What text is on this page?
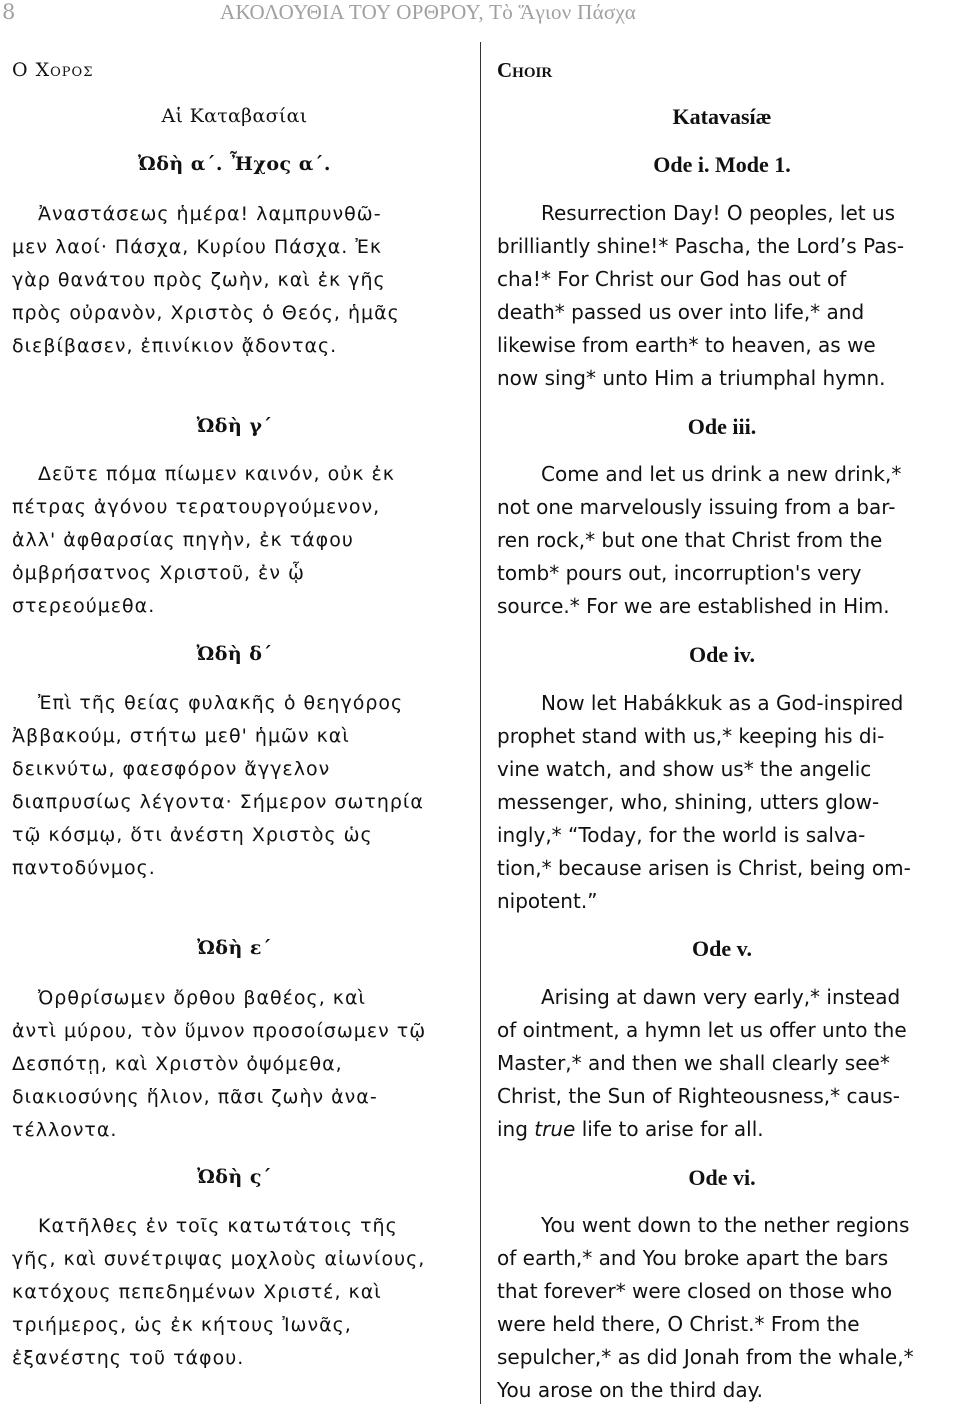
8	ΑΚΟΛΟΥΘΙΑ ΤΟΥ ΟΡΘΡΟΥ, Τὸ Ἅγιον Πάσχα
Ο Χορος
Αἱ Καταβασίαι
Ὠδὴ α΄. Ἦχος α΄.
Ἀναστάσεως ἡμέρα! λαμπρυνθῶ-
μεν λαοί· Πάσχα, Κυρίου Πάσχα. Ἐκ
γὰρ θανάτου πρὸς ζωὴν, καὶ ἐκ γῆς
πρὸς οὐρανὸν, Χριστὸς ὁ Θεός, ἡμᾶς
διεβίβασεν, ἐπινίκιον ᾄδοντας.
Ὠδὴ γ΄
Δεῦτε πόμα πίωμεν καινόν, οὐκ ἐκ
πέτρας ἀγόνου τερατουργούμενον,
ἀλλ' ἀφθαρσίας πηγὴν, ἐκ τάφου
ὀμβρήσατνος Χριστοῦ, ἐν ᾧ
στερεούμεθα.
Ὠδὴ δ΄
Ἐπὶ τῆς θείας φυλακῆς ὁ θεηγόρος
Ἀββακούμ, στήτω μεθ' ἡμῶν καὶ
δεικνύτω, φαεσφόρον ἄγγελον
διαπρυσίως λέγοντα· Σήμερον σωτηρία
τῷ κόσμῳ, ὅτι ἀνέστη Χριστὸς ὡς
παντοδύνμος.
Ὠδὴ ε΄
Ὀρθρίσωμεν ὄρθου βαθέος, καὶ
ἀντὶ μύρου, τὸν ὕμνον προσοίσωμεν τῷ
Δεσπότῃ, καὶ Χριστὸν ὀψόμεθα,
διακιοσύνης ἥλιον, πᾶσι ζωὴν ἀνα-
τέλλοντα.
Ὠδὴ ς΄
Κατῆλθες ἐν τοῖς κατωτάτοις τῆς
γῆς, καὶ συνέτριψας μοχλοὺς αἰωνίους,
κατόχους πεπεδημένων Χριστέ, καὶ
τριήμερος, ὡς ἐκ κήτους Ἰωνᾶς,
ἐξανέστης τοῦ τάφου.
Choir
Katavasíæ
Ode i. Mode 1.
Resurrection Day! O peoples, let us
brilliantly shine!* Pascha, the Lord’s Pas-
cha!* For Christ our God has out of
death* passed us over into life,* and
likewise from earth* to heaven, as we
now sing* unto Him a triumphal hymn.
Ode iii.
Come and let us drink a new drink,*
not one marvelously issuing from a bar-
ren rock,* but one that Christ from the
tomb* pours out, incorruption's very
source.* For we are established in Him.
Ode iv.
Now let Habákkuk as a God-inspired
prophet stand with us,* keeping his di-
vine watch, and show us* the angelic
messenger, who, shining, utters glow-
ingly,* “Today, for the world is salva-
tion,* because arisen is Christ, being om-
nipotent.”
Ode v.
Arising at dawn very early,* instead
of ointment, a hymn let us offer unto the
Master,* and then we shall clearly see*
Christ, the Sun of Righteousness,* caus-
ing true life to arise for all.
Ode vi.
You went down to the nether regions
of earth,* and You broke apart the bars
that forever* were closed on those who
were held there, O Christ.* From the
sepulcher,* as did Jonah from the whale,*
You arose on the third day.
